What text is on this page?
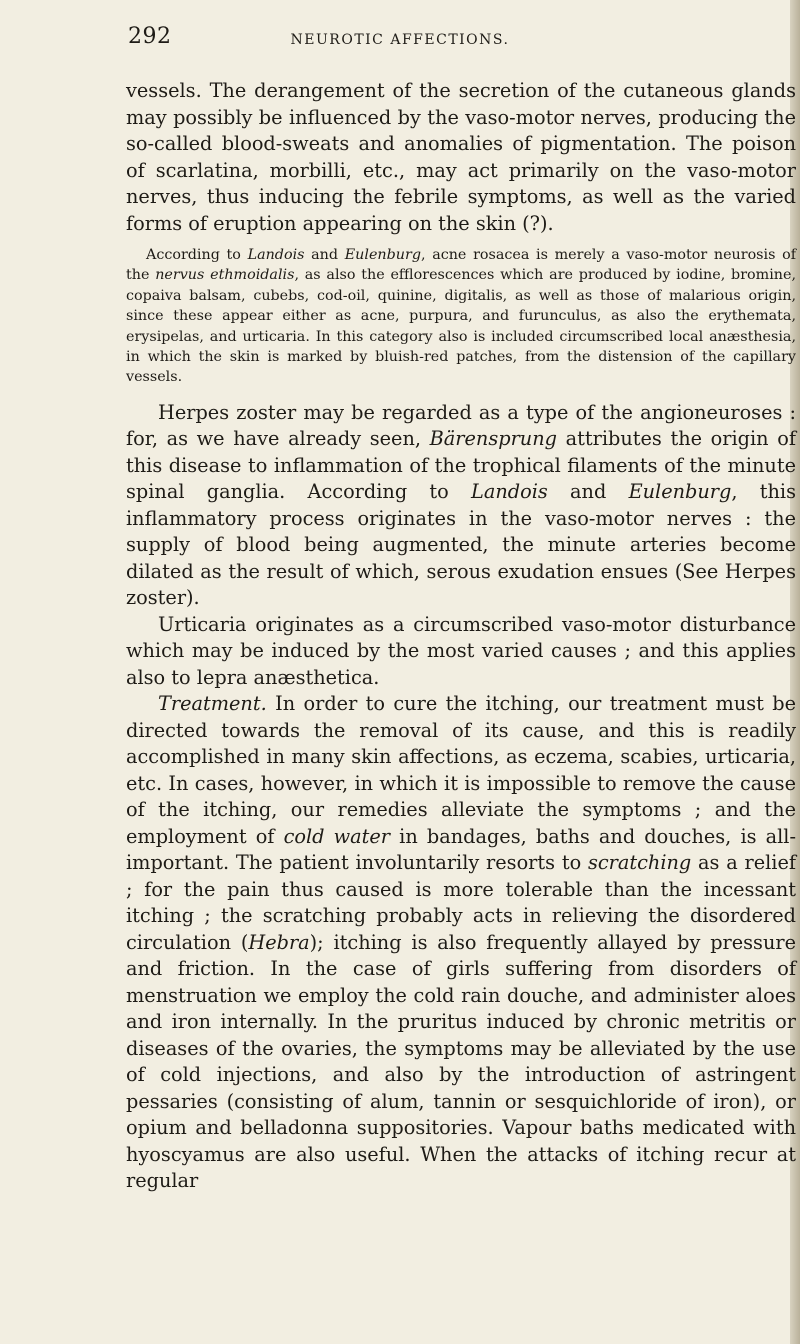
292	NEUROTIC AFFECTIONS.

vessels. The derangement of the secretion of the cutaneous glands may possibly be influenced by the vaso-motor nerves, producing the so-called blood-sweats and anomalies of pigmentation. The poison of scarlatina, morbilli, etc., may act primarily on the vaso-motor nerves, thus inducing the febrile symptoms, as well as the varied forms of eruption appearing on the skin (?).

According to Landois and Eulenburg, acne rosacea is merely a vaso-motor neurosis of the nervus ethmoidalis, as also the efflorescences which are produced by iodine, bromine, copaiva balsam, cubebs, cod-oil, quinine, digitalis, as well as those of malarious origin, since these appear either as acne, purpura, and furunculus, as also the erythemata, erysipelas, and urticaria. In this category also is included circumscribed local anæsthesia, in which the skin is marked by bluish-red patches, from the distension of the capillary vessels.

Herpes zoster may be regarded as a type of the angioneuroses : for, as we have already seen, Bärensprung attributes the origin of this disease to inflammation of the trophical filaments of the minute spinal ganglia. According to Landois and Eulenburg, this inflammatory process originates in the vaso-motor nerves : the supply of blood being augmented, the minute arteries become dilated as the result of which, serous exudation ensues (See Herpes zoster).

Urticaria originates as a circumscribed vaso-motor disturbance which may be induced by the most varied causes ; and this applies also to lepra anæsthetica.

Treatment. In order to cure the itching, our treatment must be directed towards the removal of its cause, and this is readily accomplished in many skin affections, as eczema, scabies, urticaria, etc. In cases, however, in which it is impossible to remove the cause of the itching, our remedies alleviate the symptoms ; and the employment of cold water in bandages, baths and douches, is all-important. The patient involuntarily resorts to scratching as a relief ; for the pain thus caused is more tolerable than the incessant itching ; the scratching probably acts in relieving the disordered circulation (Hebra); itching is also frequently allayed by pressure and friction. In the case of girls suffering from disorders of menstruation we employ the cold rain douche, and administer aloes and iron internally. In the pruritus induced by chronic metritis or diseases of the ovaries, the symptoms may be alleviated by the use of cold injections, and also by the introduction of astringent pessaries (consisting of alum, tannin or sesquichloride of iron), or opium and belladonna suppositories. Vapour baths medicated with hyoscyamus are also useful. When the attacks of itching recur at regular
